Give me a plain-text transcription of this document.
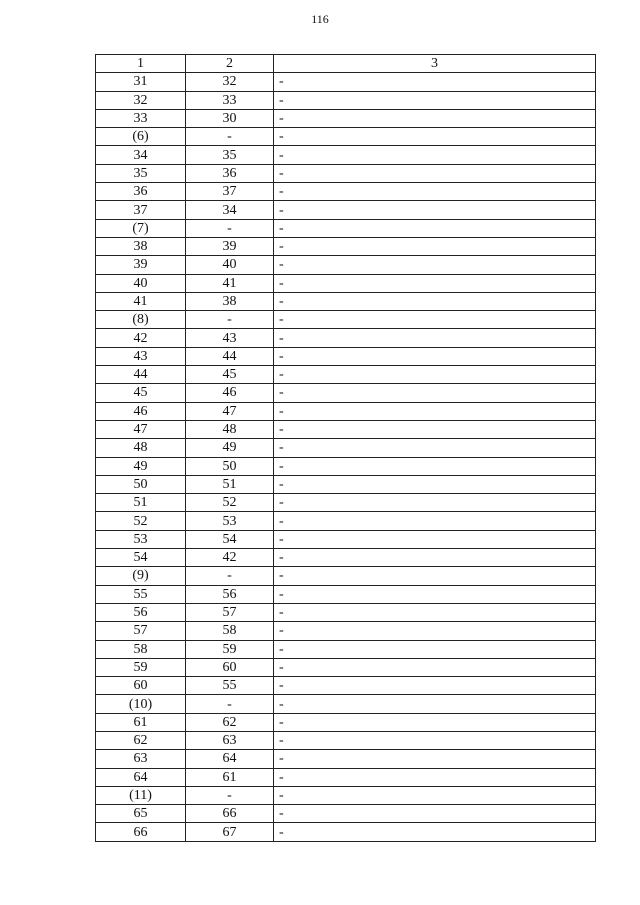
116
1	2	3
31	32	-
32	33	-
33	30	-
(6)	-	-
34	35	-
35	36	-
36	37	-
37	34	-
(7)	-	-
38	39	-
39	40	-
40	41	-
41	38	-
(8)	-	-
42	43	-
43	44	-
44	45	-
45	46	-
46	47	-
47	48	-
48	49	-
49	50	-
50	51	-
51	52	-
52	53	-
53	54	-
54	42	-
(9)	-	-
55	56	-
56	57	-
57	58	-
58	59	-
59	60	-
60	55	-
(10)	-	-
61	62	-
62	63	-
63	64	-
64	61	-
(11)	-	-
65	66	-
66	67	-
